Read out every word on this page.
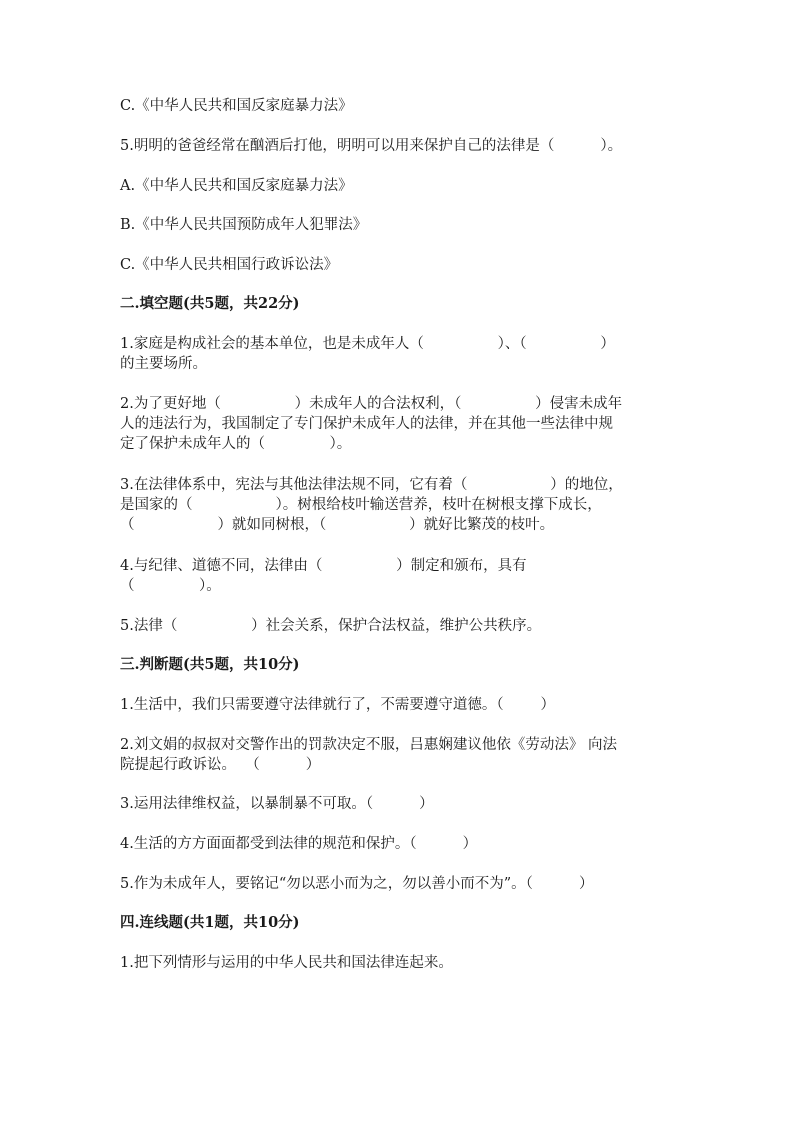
C.《中华人民共和国反家庭暴力法》
5.明明的爸爸经常在酗酒后打他，明明可以用来保护自己的法律是（          ）。
A.《中华人民共和国反家庭暴力法》
B.《中华人民共国预防成年人犯罪法》
C.《中华人民共相国行政诉讼法》
二.填空题(共5题，共22分)
1.家庭是构成社会的基本单位，也是未成年人（                ）、（                ）
的主要场所。
2.为了更好地（                ）未成年人的合法权利，（                ）侵害未成年
人的违法行为，我国制定了专门保护未成年人的法律，并在其他一些法律中规
定了保护未成年人的（              ）。
3.在法律体系中，宪法与其他法律法规不同，它有着（                  ）的地位，
是国家的（                  ）。树根给枝叶输送营养，枝叶在树根支撑下成长，
（                  ）就如同树根，（                  ）就好比繁茂的枝叶。
4.与纪律、道德不同，法律由（                ）制定和颁布，具有
（              ）。
5.法律（                ）社会关系，保护合法权益，维护公共秩序。
三.判断题(共5题，共10分)
1.生活中，我们只需要遵守法律就行了，不需要遵守道德。（        ）
2.刘文娟的叔叔对交警作出的罚款决定不服，吕惠娴建议他依《劳动法》 向法
院提起行政诉讼。  （          ）
3.运用法律维权益，以暴制暴不可取。（          ）
4.生活的方方面面都受到法律的规范和保护。（          ）
5.作为未成年人，要铭记“勿以恶小而为之，勿以善小而不为”。（          ）
四.连线题(共1题，共10分)
1.把下列情形与运用的中华人民共和国法律连起来。
